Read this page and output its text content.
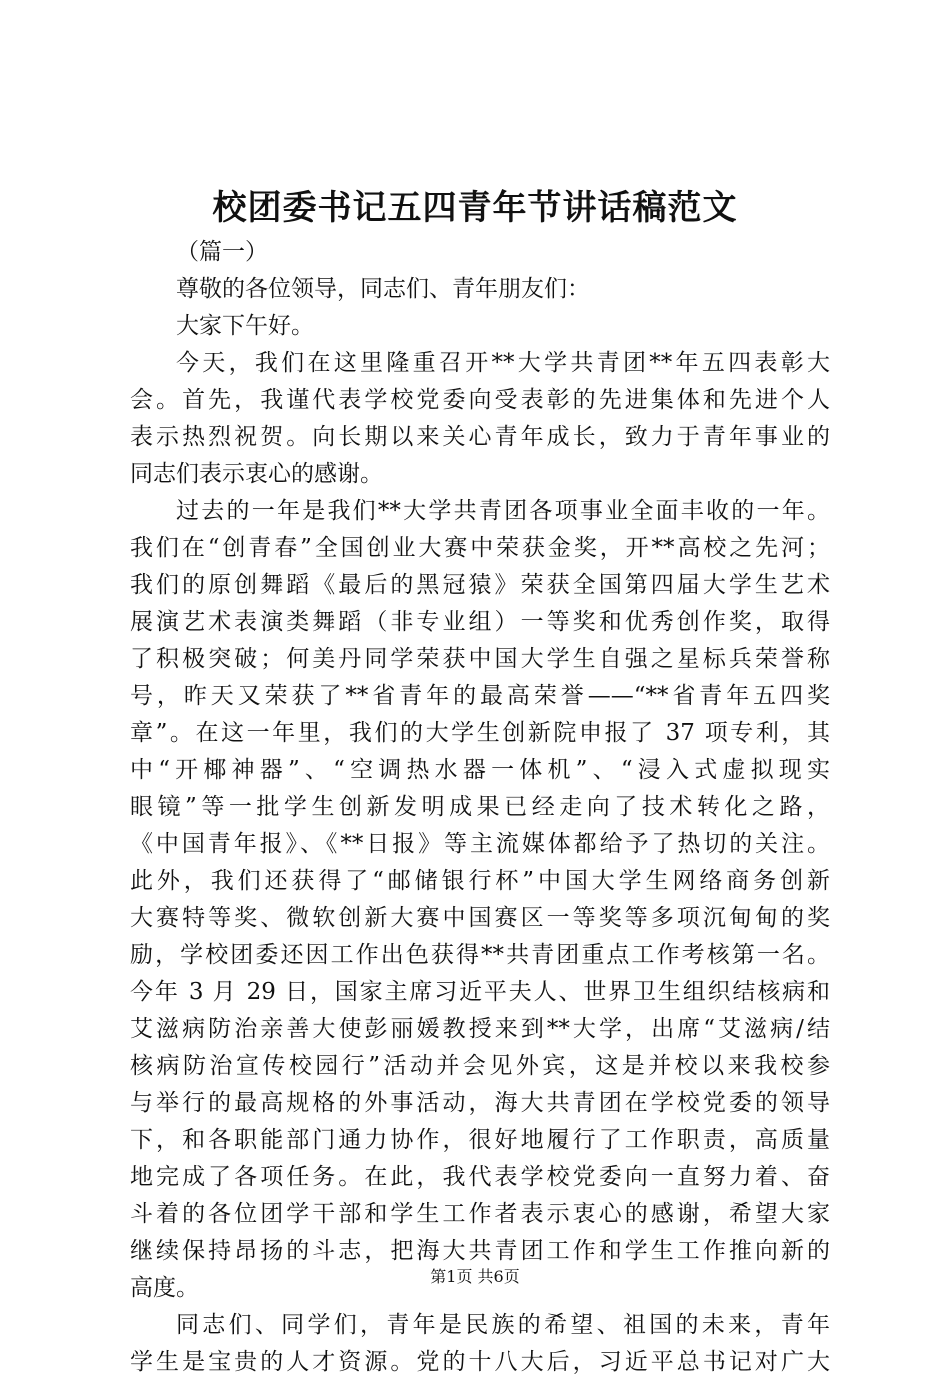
校团委书记五四青年节讲话稿范文
（篇一）
尊敬的各位领导，同志们、青年朋友们：
大家下午好。
今天，我们在这里隆重召开**大学共青团**年五四表彰大
会。首先，我谨代表学校党委向受表彰的先进集体和先进个人
表示热烈祝贺。向长期以来关心青年成长，致力于青年事业的
同志们表示衷心的感谢。
过去的一年是我们**大学共青团各项事业全面丰收的一年。
我们在“创青春”全国创业大赛中荣获金奖，开**高校之先河；
我们的原创舞蹈《最后的黑冠猿》荣获全国第四届大学生艺术
展演艺术表演类舞蹈（非专业组）一等奖和优秀创作奖，取得
了积极突破；何美丹同学荣获中国大学生自强之星标兵荣誉称
号，昨天又荣获了**省青年的最高荣誉——“**省青年五四奖
章”。在这一年里，我们的大学生创新院申报了 37 项专利，其
中“开椰神器”、“空调热水器一体机”、“浸入式虚拟现实
眼镜”等一批学生创新发明成果已经走向了技术转化之路，
《中国青年报》、《**日报》等主流媒体都给予了热切的关注。
此外，我们还获得了“邮储银行杯”中国大学生网络商务创新
大赛特等奖、微软创新大赛中国赛区一等奖等多项沉甸甸的奖
励，学校团委还因工作出色获得**共青团重点工作考核第一名。
今年 3 月 29 日，国家主席习近平夫人、世界卫生组织结核病和
艾滋病防治亲善大使彭丽媛教授来到**大学，出席“艾滋病/结
核病防治宣传校园行”活动并会见外宾，这是并校以来我校参
与举行的最高规格的外事活动，海大共青团在学校党委的领导
下，和各职能部门通力协作，很好地履行了工作职责，高质量
地完成了各项任务。在此，我代表学校党委向一直努力着、奋
斗着的各位团学干部和学生工作者表示衷心的感谢，希望大家
继续保持昂扬的斗志，把海大共青团工作和学生工作推向新的
高度。
同志们、同学们，青年是民族的希望、祖国的未来，青年
学生是宝贵的人才资源。党的十八大后，习近平总书记对广大
第1页 共6页
